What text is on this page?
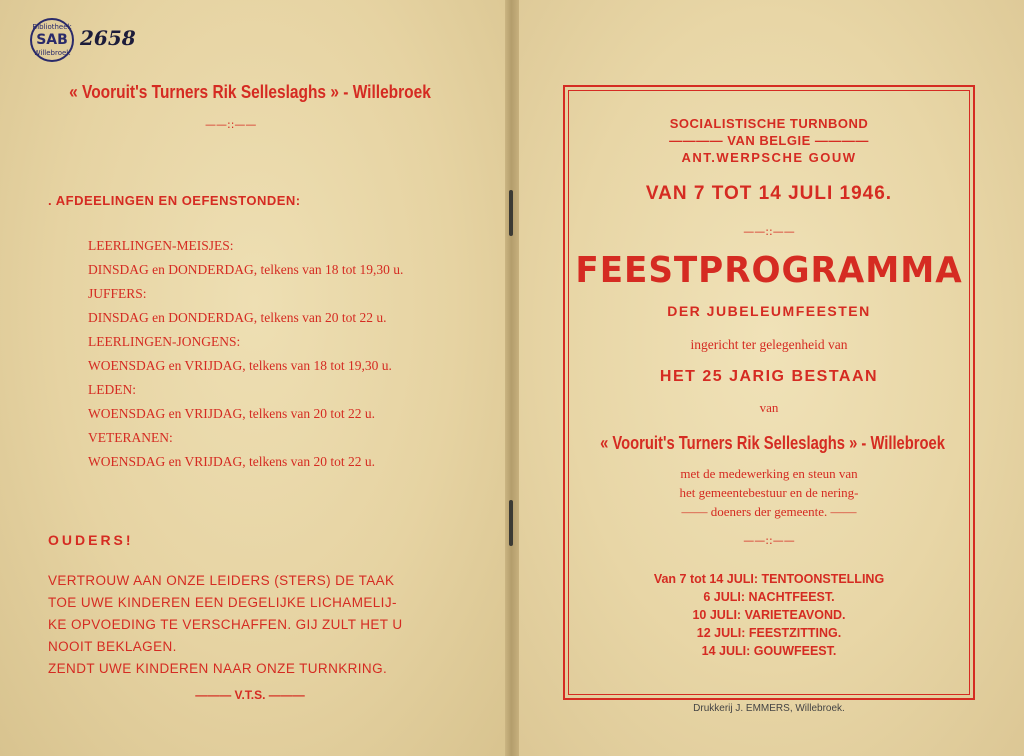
Bibliotheek
SAB
Willebroek
2658
« Vooruit's Turners Rik Selleslaghs » - Willebroek
——::——
. AFDEELINGEN EN OEFENSTONDEN:
LEERLINGEN-MEISJES:
DINSDAG en DONDERDAG, telkens van 18 tot 19,30 u.
JUFFERS:
DINSDAG en DONDERDAG, telkens van 20 tot 22 u.
LEERLINGEN-JONGENS:
WOENSDAG en VRIJDAG, telkens van 18 tot 19,30 u.
LEDEN:
WOENSDAG en VRIJDAG, telkens van 20 tot 22 u.
VETERANEN:
WOENSDAG en VRIJDAG, telkens van 20 tot 22 u.
OUDERS!
VERTROUW AAN ONZE LEIDERS (STERS) DE TAAK
TOE UWE KINDEREN EEN DEGELIJKE LICHAMELIJ-
KE OPVOEDING TE VERSCHAFFEN. GIJ ZULT HET U
NOOIT BEKLAGEN.
ZENDT UWE KINDEREN NAAR ONZE TURNKRING.
——— V.T.S. ———
SOCIALISTISCHE TURNBOND
———— VAN BELGIE ————
ANT.WERPSCHE GOUW
VAN 7 TOT 14 JULI 1946.
——::——
FEESTPROGRAMMA
DER JUBELEUMFEESTEN
ingericht ter gelegenheid van
HET 25 JARIG BESTAAN
van
« Vooruit's Turners Rik Selleslaghs » - Willebroek
met de medewerking en steun van
het gemeentebestuur en de nering-
—— doeners der gemeente. ——
——::——
Van 7 tot 14 JULI: TENTOONSTELLING
6 JULI: NACHTFEEST.
10 JULI: VARIETEAVOND.
12 JULI: FEESTZITTING.
14 JULI: GOUWFEEST.
Drukkerij J. EMMERS, Willebroek.
